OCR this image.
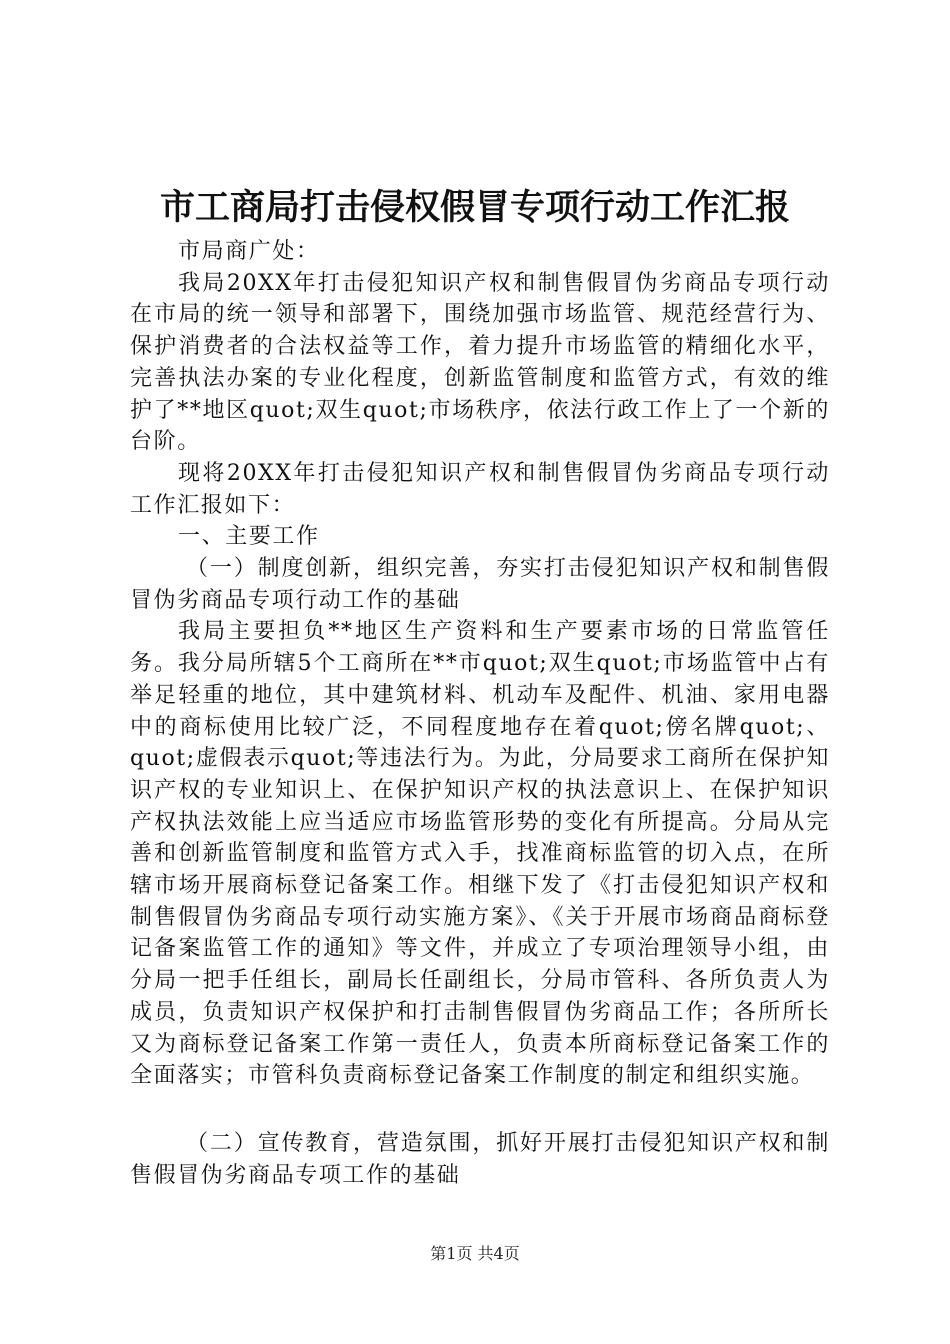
市工商局打击侵权假冒专项行动工作汇报

市局商广处：

我局20XX年打击侵犯知识产权和制售假冒伪劣商品专项行动在市局的统一领导和部署下，围绕加强市场监管、规范经营行为、保护消费者的合法权益等工作，着力提升市场监管的精细化水平，完善执法办案的专业化程度，创新监管制度和监管方式，有效的维护了**地区quot;双生quot;市场秩序，依法行政工作上了一个新的台阶。

现将20XX年打击侵犯知识产权和制售假冒伪劣商品专项行动工作汇报如下：

一、主要工作

（一）制度创新，组织完善，夯实打击侵犯知识产权和制售假冒伪劣商品专项行动工作的基础

我局主要担负**地区生产资料和生产要素市场的日常监管任务。我分局所辖5个工商所在**市quot;双生quot;市场监管中占有举足轻重的地位，其中建筑材料、机动车及配件、机油、家用电器中的商标使用比较广泛，不同程度地存在着quot;傍名牌quot;、quot;虚假表示quot;等违法行为。为此，分局要求工商所在保护知识产权的专业知识上、在保护知识产权的执法意识上、在保护知识产权执法效能上应当适应市场监管形势的变化有所提高。分局从完善和创新监管制度和监管方式入手，找准商标监管的切入点，在所辖市场开展商标登记备案工作。相继下发了《打击侵犯知识产权和制售假冒伪劣商品专项行动实施方案》、《关于开展市场商品商标登记备案监管工作的通知》等文件，并成立了专项治理领导小组，由分局一把手任组长，副局长任副组长，分局市管科、各所负责人为成员，负责知识产权保护和打击制售假冒伪劣商品工作；各所所长又为商标登记备案工作第一责任人，负责本所商标登记备案工作的全面落实；市管科负责商标登记备案工作制度的制定和组织实施。

（二）宣传教育，营造氛围，抓好开展打击侵犯知识产权和制售假冒伪劣商品专项工作的基础

第1页 共4页
